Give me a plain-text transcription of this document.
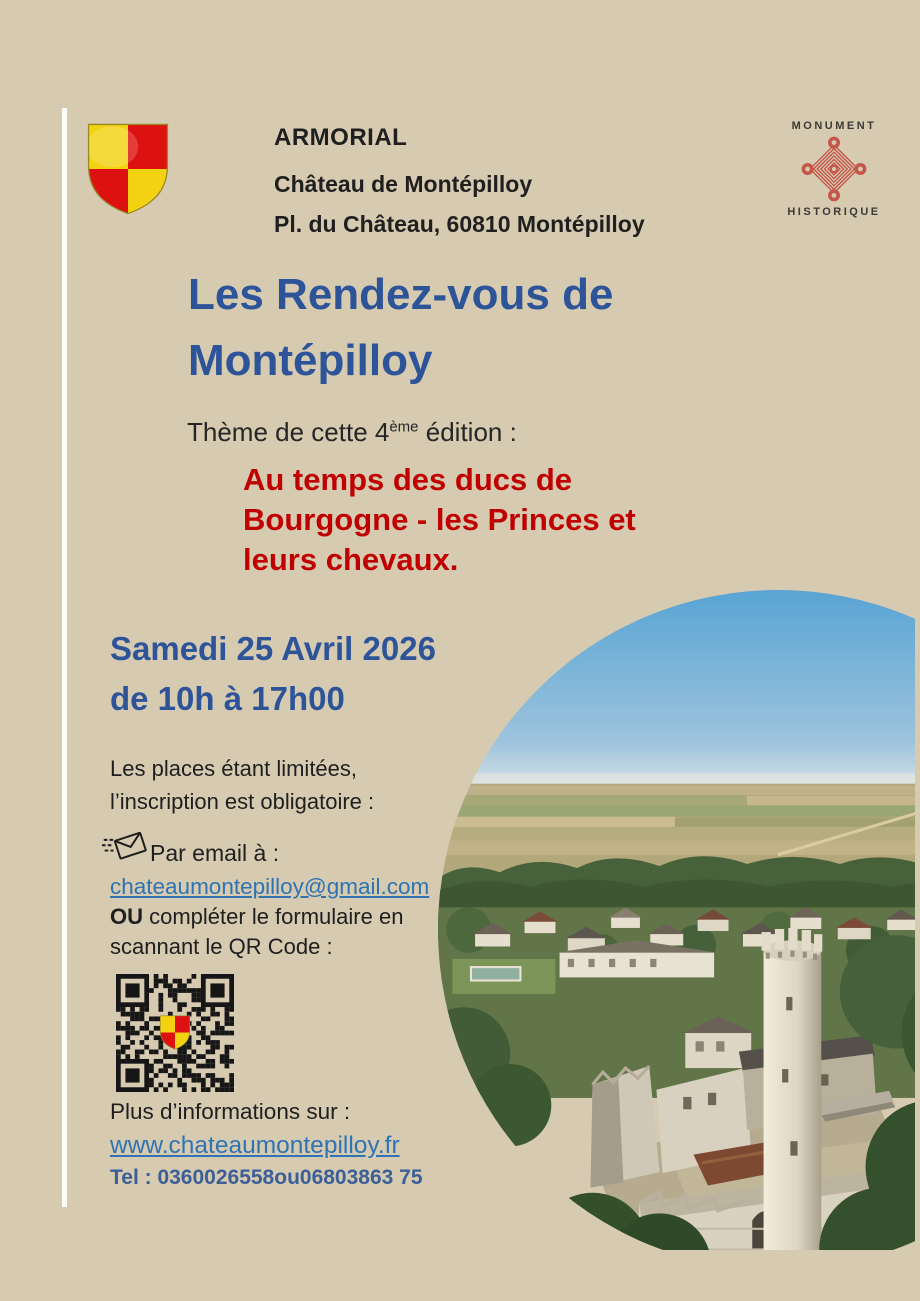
ARMORIAL
Château de Montépilloy
Pl. du Château, 60810 Montépilloy
MONUMENT
HISTORIQUE
Les Rendez-vous de
Montépilloy
Thème de cette 4ème édition :
Au temps des ducs de
Bourgogne - les Princes et
leurs chevaux.
Samedi 25 Avril 2026
de 10h à 17h00
Les places étant limitées,
l’inscription est obligatoire :
Par email à :
chateaumontepilloy@gmail.com
OU compléter le formulaire en
scannant le QR Code :
Plus d’informations sur :
www.chateaumontepilloy.fr
Tel : 0360026558ou06803863 75
